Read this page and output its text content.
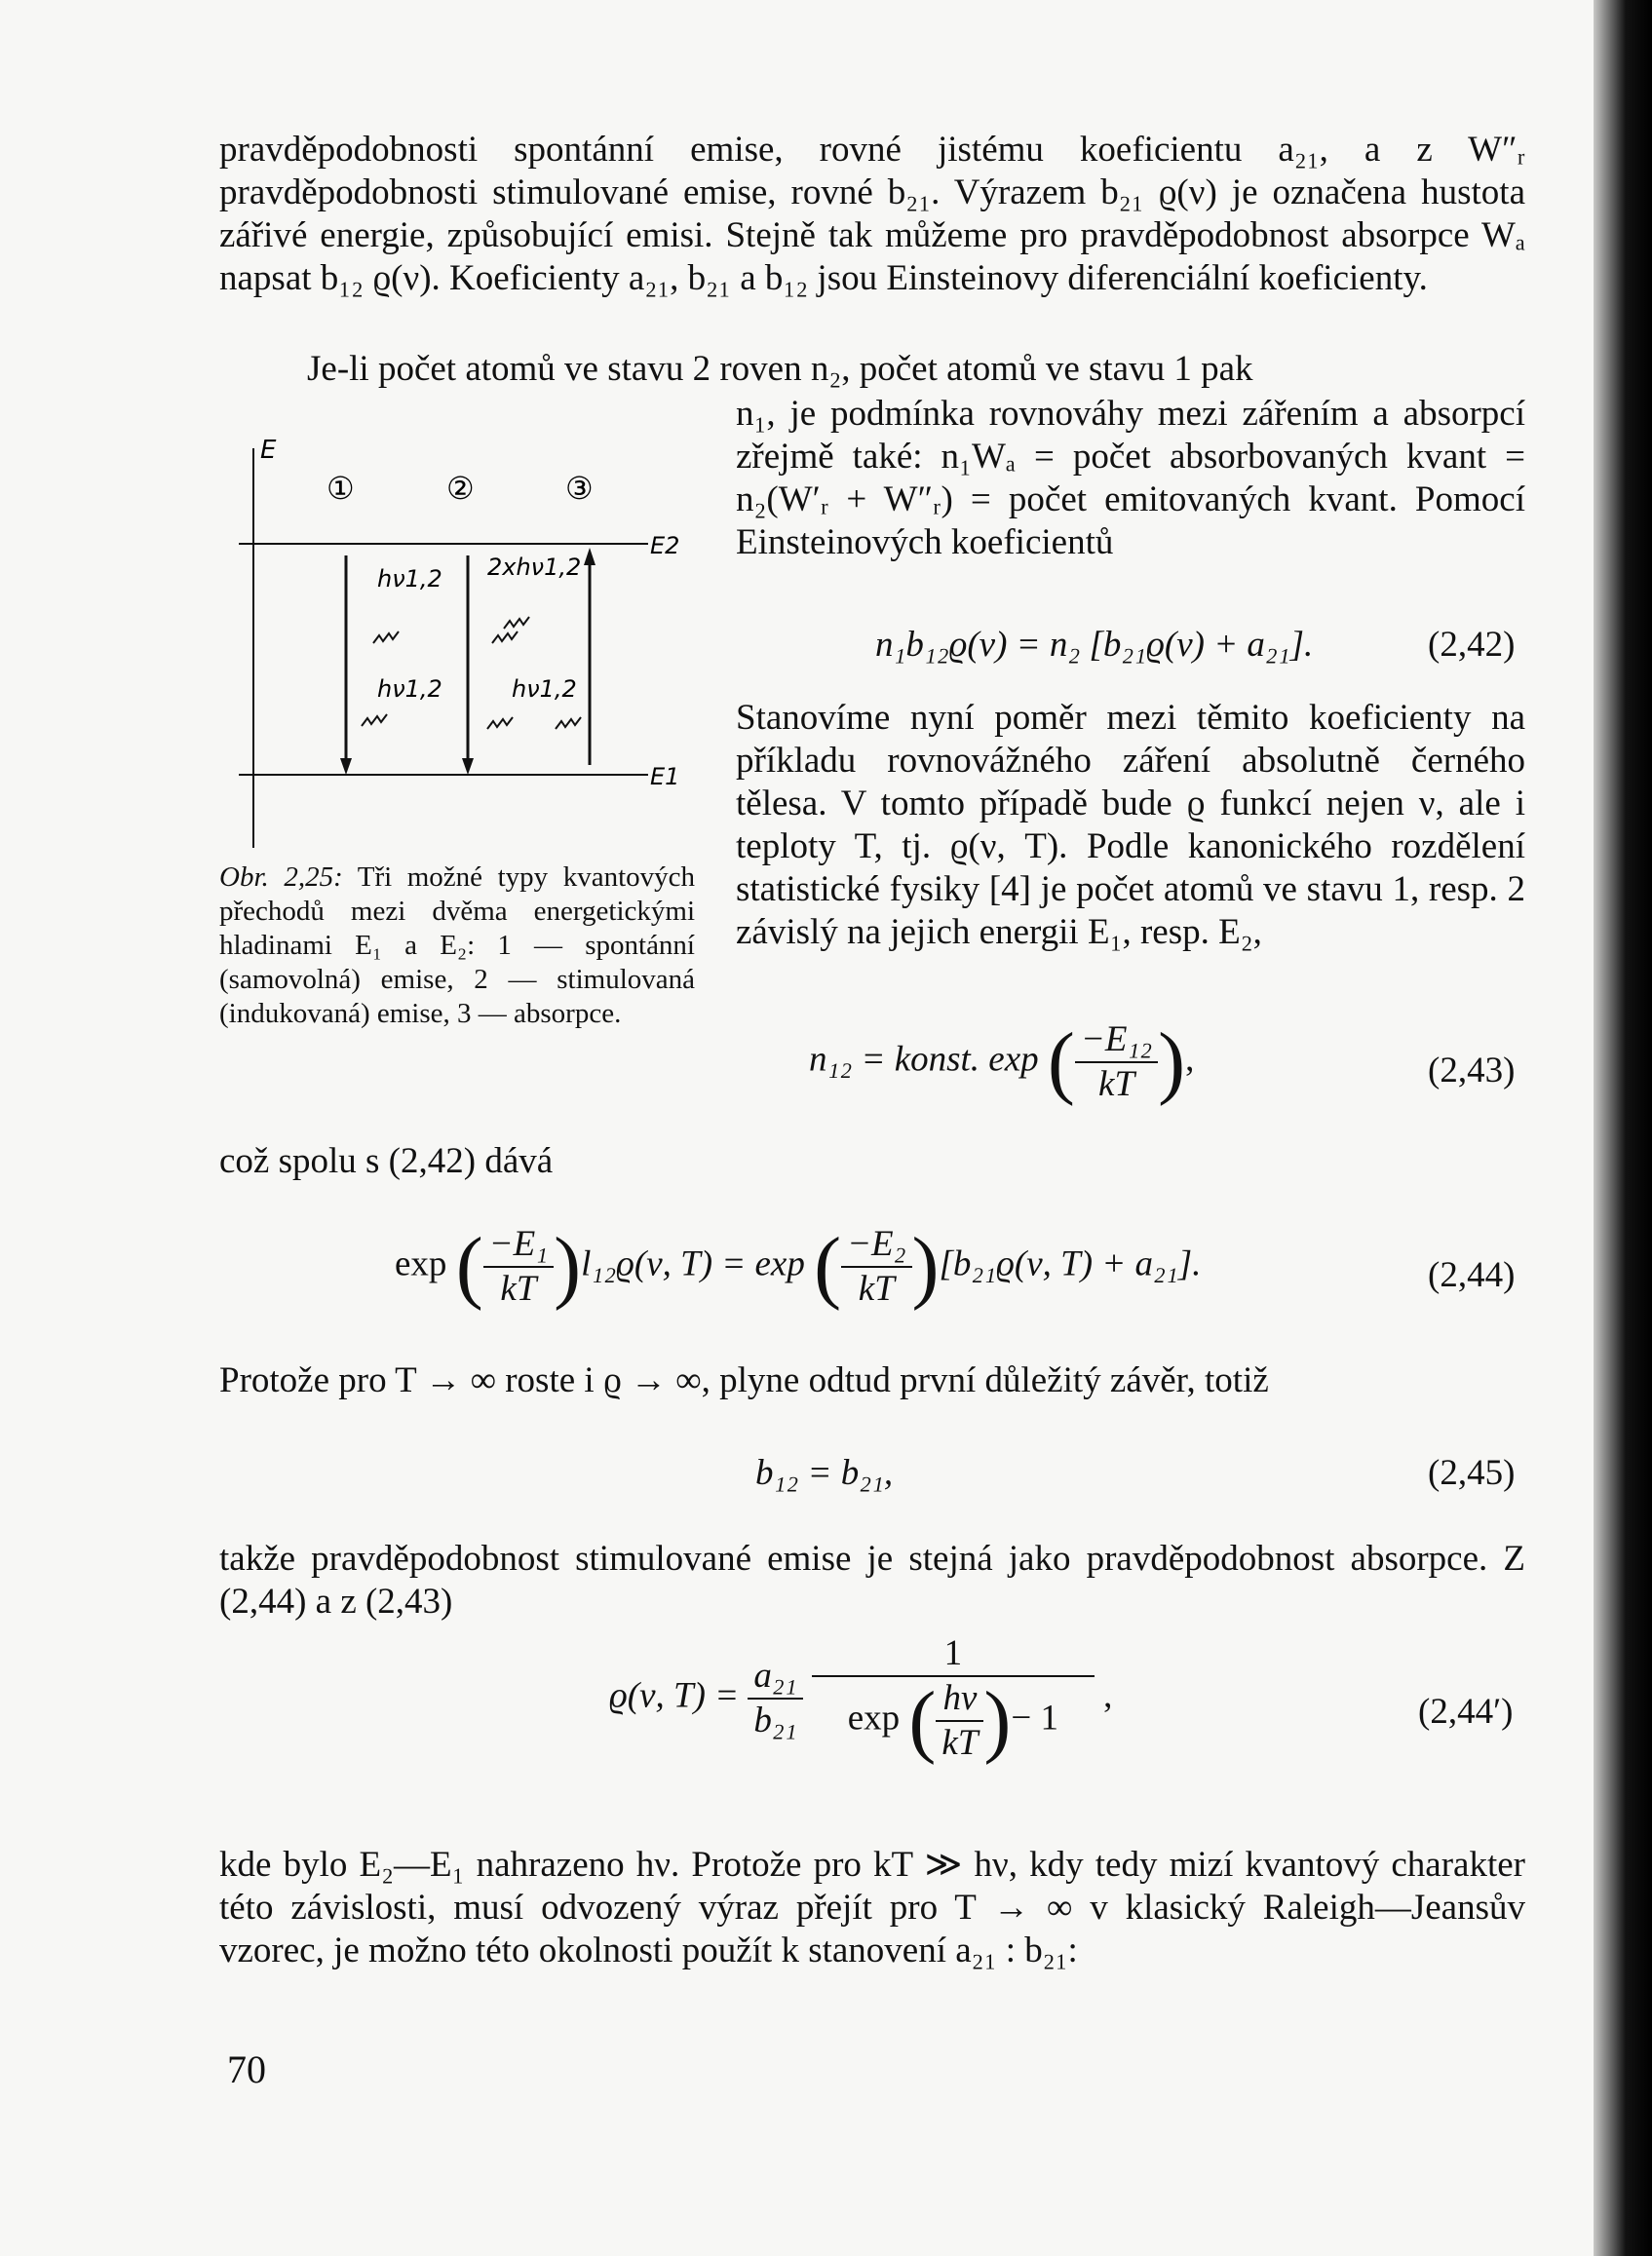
pravděpodobnosti spontánní emise, rovné jistému koeficientu a₂₁, a z W″ᵣ pravděpodobnosti stimulované emise, rovné b₂₁. Výrazem b₂₁ ϱ(ν) je označena hustota zářivé energie, způsobující emisi. Stejně tak můžeme pro pravděpodobnost absorpce Wₐ napsat b₁₂ ϱ(ν). Koeficienty a₂₁, b₂₁ a b₁₂ jsou Einsteinovy diferenciální koeficienty.
Je-li počet atomů ve stavu 2 roven n₂, počet atomů ve stavu 1 pak
n₁, je podmínka rovnováhy mezi zářením a absorpcí zřejmě také: n₁Wₐ = počet absorbovaných kvant = n₂(W′ᵣ + W″ᵣ) = počet emitovaných kvant. Pomocí Einsteinových koeficientů
n₁b₁₂ϱ(ν) = n₂ [b₂₁ϱ(ν) + a₂₁].	(2,42)
Stanovíme nyní poměr mezi těmito koeficienty na příkladu rovnovážného záření absolutně černého tělesa. V tomto případě bude ϱ funkcí nejen ν, ale i teploty T, tj. ϱ(ν, T). Podle kanonického rozdělení statistické fysiky [4] je počet atomů ve stavu 1, resp. 2 závislý na jejich energii E₁, resp. E₂,
E
E2
E1
①	②	③
hν1,2 2xhν1,2
hν1,2	hν1,2
Obr. 2,25: Tři možné typy kvantových přechodů mezi dvěma energetickými hladinami E₁ a E₂: 1 — spontánní (samovolná) emise, 2 — stimulovaná (indukovaná) emise, 3 — absorpce.
n₁₂ = konst. exp ( $\frac{\text{−E₁₂}}{kT}$ ),	(2,43)
což spolu s (2,42) dává
exp ( $\frac{\text{−E₁}}{kT} )l_{12}ϱ(\nu$, T) = exp ( $\frac{\text{−E₂}}{kT} )[b_{21}ϱ(\nu$, T) + a₂₁].	(2,44)
Protože pro T → ∞ roste i ϱ → ∞, plyne odtud první důležitý závěr, totiž
b₁₂ = b₂₁,	(2,45)
takže pravděpodobnost stimulované emise je stejná jako pravděpodobnost absorpce. Z (2,44) a z (2,43)
ϱ(ν, $T) = \frac{\text{a₂₁}}{\text{b₂₁}}$
$\frac{1}{\exp ( \frac{h\nu}{kT} )- 1}$ ,	(2,44′)
kde bylo E₂—E₁ nahrazeno hν. Protože pro kT ≫ hν, kdy tedy mizí kvantový charakter této závislosti, musí odvozený výraz přejít pro T → ∞ v klasický Raleigh—Jeansův vzorec, je možno této okolnosti použít k stanovení a₂₁ : b₂₁:
70
